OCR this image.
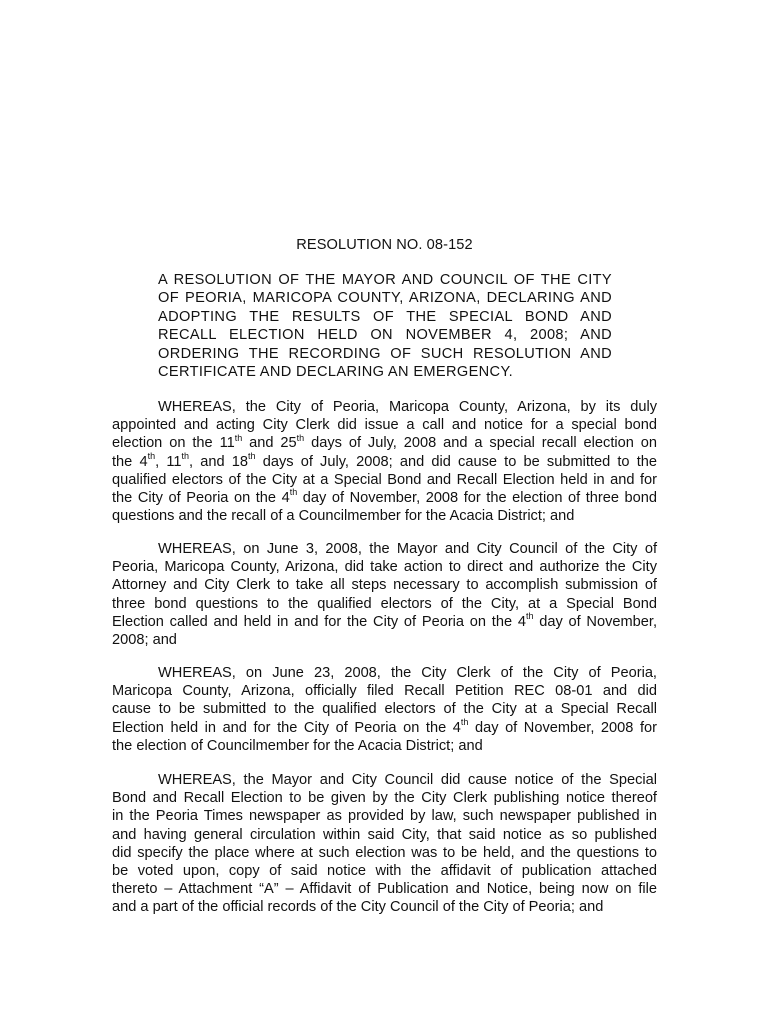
RESOLUTION NO. 08-152
A RESOLUTION OF THE MAYOR AND COUNCIL OF THE CITY
OF PEORIA, MARICOPA COUNTY, ARIZONA, DECLARING AND
ADOPTING THE RESULTS OF THE SPECIAL BOND AND
RECALL ELECTION HELD ON NOVEMBER 4, 2008; AND
ORDERING THE RECORDING OF SUCH RESOLUTION AND
CERTIFICATE AND DECLARING AN EMERGENCY.
WHEREAS, the City of Peoria, Maricopa County, Arizona, by its duly
appointed and acting City Clerk did issue a call and notice for a special bond
election on the 11th and 25th days of July, 2008 and a special recall election on
the 4th, 11th, and 18th days of July, 2008; and did cause to be submitted to the
qualified electors of the City at a Special Bond and Recall Election held in and for
the City of Peoria on the 4th day of November, 2008 for the election of three bond
questions and the recall of a Councilmember for the Acacia District; and
WHEREAS, on June 3, 2008, the Mayor and City Council of the City of
Peoria, Maricopa County, Arizona, did take action to direct and authorize the City
Attorney and City Clerk to take all steps necessary to accomplish submission of
three bond questions to the qualified electors of the City, at a Special Bond
Election called and held in and for the City of Peoria on the 4th day of November,
2008; and
WHEREAS, on June 23, 2008, the City Clerk of the City of Peoria,
Maricopa County, Arizona, officially filed Recall Petition REC 08-01 and did
cause to be submitted to the qualified electors of the City at a Special Recall
Election held in and for the City of Peoria on the 4th day of November, 2008 for
the election of Councilmember for the Acacia District; and
WHEREAS, the Mayor and City Council did cause notice of the Special
Bond and Recall Election to be given by the City Clerk publishing notice thereof
in the Peoria Times newspaper as provided by law, such newspaper published in
and having general circulation within said City, that said notice as so published
did specify the place where at such election was to be held, and the questions to
be voted upon, copy of said notice with the affidavit of publication attached
thereto – Attachment “A” – Affidavit of Publication and Notice, being now on file
and a part of the official records of the City Council of the City of Peoria; and
